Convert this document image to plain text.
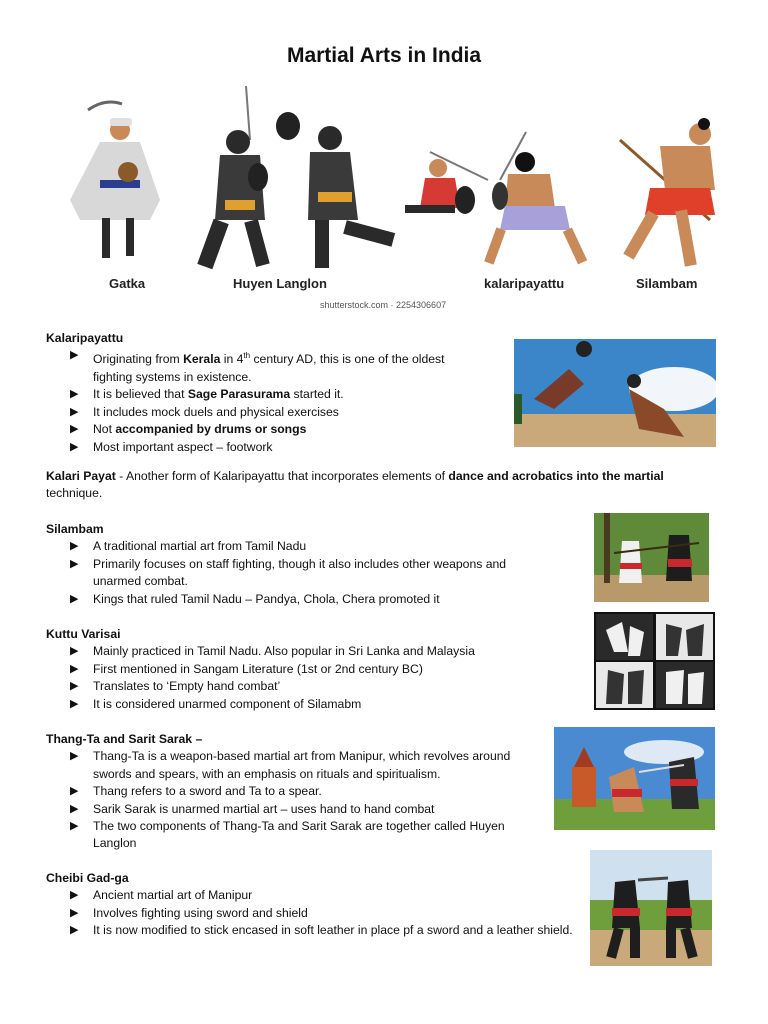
Martial Arts in India
Gatka	Huyen Langlon	kalaripayattu	Silambam
shutterstock.com · 2254306607

Kalaripayattu

▶ Originating from Kerala in 4th century AD, this is one of the oldest fighting systems in existence.
▶ It is believed that Sage Parasurama started it.
▶ It includes mock duels and physical exercises
▶ Not accompanied by drums or songs
▶ Most important aspect – footwork
Kalari Payat - Another form of Kalaripayattu that incorporates elements of dance and acrobatics into the martial technique.

Silambam

▶ A traditional martial art from Tamil Nadu
▶ Primarily focuses on staff fighting, though it also includes other weapons and unarmed combat.
▶ Kings that ruled Tamil Nadu – Pandya, Chola, Chera promoted it

Kuttu Varisai

▶ Mainly practiced in Tamil Nadu. Also popular in Sri Lanka and Malaysia
▶ First mentioned in Sangam Literature (1st or 2nd century BC)
▶ Translates to ‘Empty hand combat’
▶ It is considered unarmed component of Silamabm

Thang-Ta and Sarit Sarak –

▶ Thang-Ta is a weapon-based martial art from Manipur, which revolves around swords and spears, with an emphasis on rituals and spiritualism.
▶ Thang refers to a sword and Ta to a spear.
▶ Sarik Sarak is unarmed martial art – uses hand to hand combat
▶ The two components of Thang-Ta and Sarit Sarak are together called Huyen Langlon

Cheibi Gad-ga

▶ Ancient martial art of Manipur
▶ Involves fighting using sword and shield
▶ It is now modified to stick encased in soft leather in place pf a sword and a leather shield.
